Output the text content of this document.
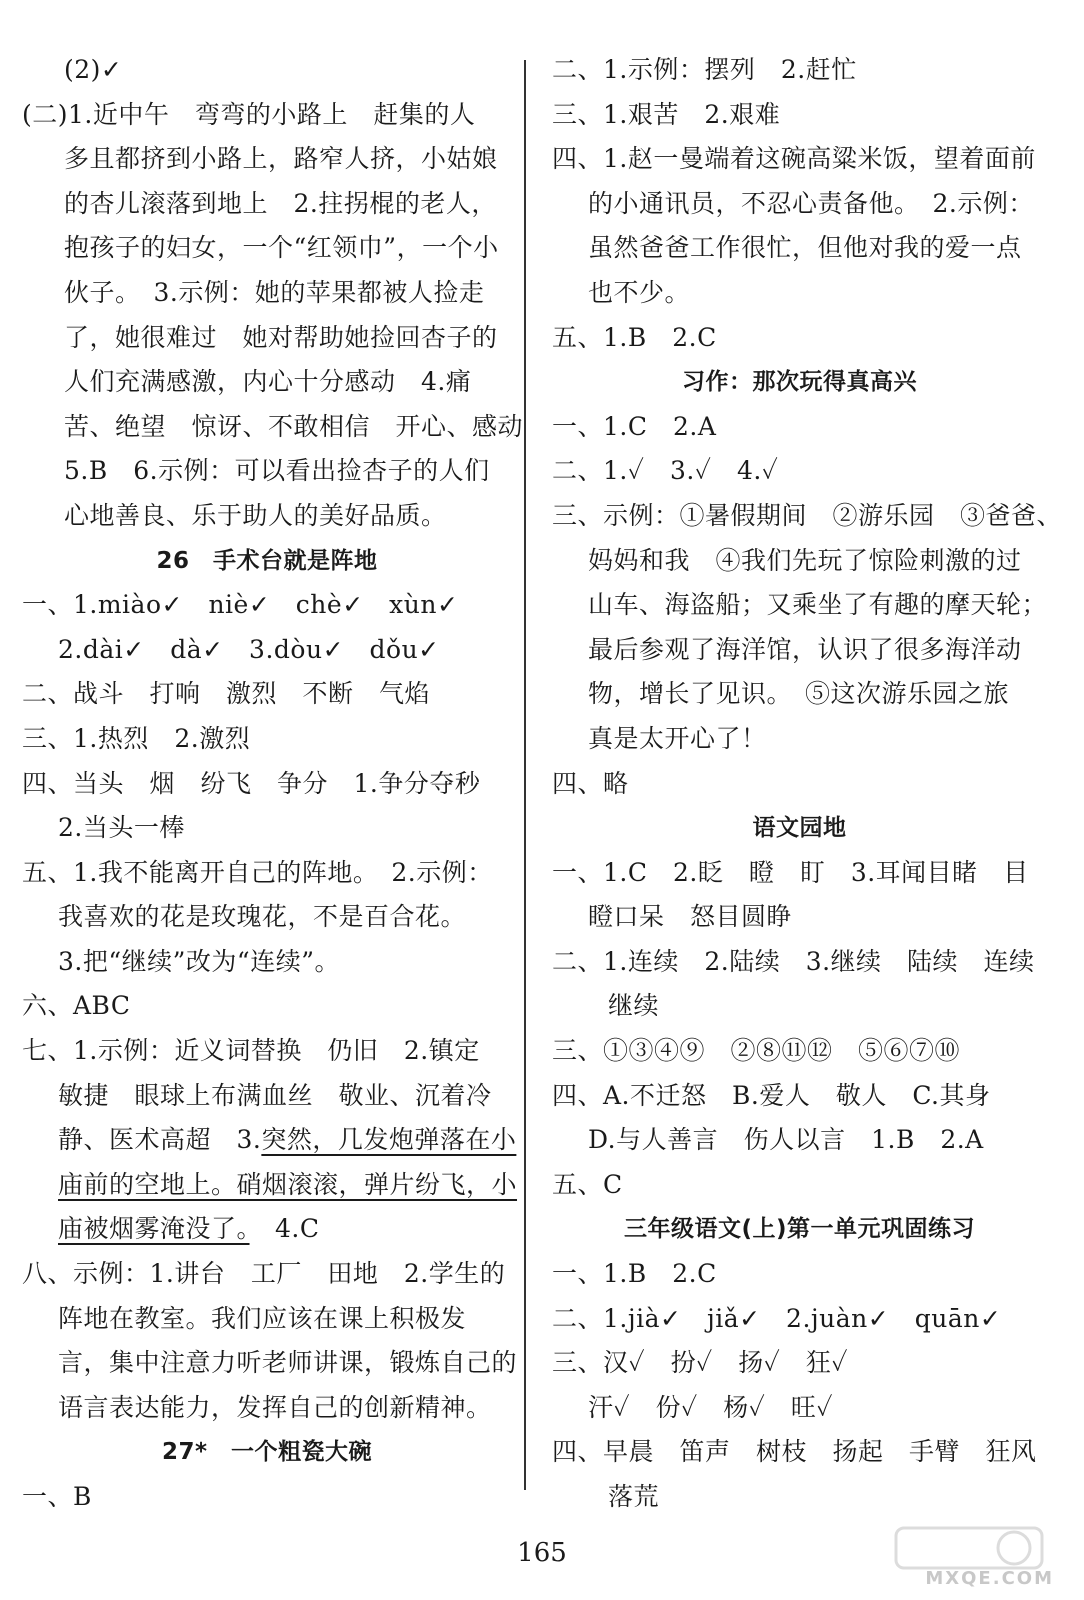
(2)✓
(二)1.近中午　弯弯的小路上　赶集的人
多且都挤到小路上，路窄人挤，小姑娘
的杏儿滚落到地上　2.拄拐棍的老人，
抱孩子的妇女，一个“红领巾”，一个小
伙子。　3.示例：她的苹果都被人捡走
了，她很难过　她对帮助她捡回杏子的
人们充满感激，内心十分感动　4.痛
苦、绝望　惊讶、不敢相信　开心、感动
5.B　6.示例：可以看出捡杏子的人们
心地善良、乐于助人的美好品质。
26　手术台就是阵地
一、1.miào✓　niè✓　chè✓　xùn✓
2.dài✓　dà✓　3.dòu✓　dǒu✓
二、战斗　打响　激烈　不断　气焰
三、1.热烈　2.激烈
四、当头　烟　纷飞　争分　1.争分夺秒
2.当头一棒
五、1.我不能离开自己的阵地。　2.示例：
我喜欢的花是玫瑰花，不是百合花。
3.把“继续”改为“连续”。
六、ABC
七、1.示例：近义词替换　仍旧　2.镇定
敏捷　眼球上布满血丝　敬业、沉着冷
静、医术高超　3.突然，几发炮弹落在小
庙前的空地上。硝烟滚滚，弹片纷飞，小
庙被烟雾淹没了。　4.C
八、示例：1.讲台　工厂　田地　2.学生的
阵地在教室。我们应该在课上积极发
言，集中注意力听老师讲课，锻炼自己的
语言表达能力，发挥自己的创新精神。
27*　一个粗瓷大碗
一、B
二、1.示例：摆列　2.赶忙
三、1.艰苦　2.艰难
四、1.赵一曼端着这碗高粱米饭，望着面前
的小通讯员，不忍心责备他。　2.示例：
虽然爸爸工作很忙，但他对我的爱一点
也不少。
五、1.B　2.C
习作：那次玩得真高兴
一、1.C　2.A
二、1.✓　3.✓　4.✓
三、示例：①暑假期间　②游乐园　③爸爸、
妈妈和我　④我们先玩了惊险刺激的过
山车、海盗船；又乘坐了有趣的摩天轮；
最后参观了海洋馆，认识了很多海洋动
物，增长了见识。　⑤这次游乐园之旅
真是太开心了！
四、略
语文园地
一、1.C　2.眨　瞪　盯　3.耳闻目睹　目
瞪口呆　怒目圆睁
二、1.连续　2.陆续　3.继续　陆续　连续
继续
三、①③④⑨　②⑧⑪⑫　⑤⑥⑦⑩
四、A.不迁怒　B.爱人　敬人　C.其身
D.与人善言　伤人以言　1.B　2.A
五、C
三年级语文(上)第一单元巩固练习
一、1.B　2.C
二、1.jià✓　jiǎ✓　2.juàn✓　quān✓
三、汉✓　扮✓　扬✓　狂✓
汗✓　份✓　杨✓　旺✓
四、早晨　笛声　树枝　扬起　手臂　狂风
落荒
165
MXQE.COM
